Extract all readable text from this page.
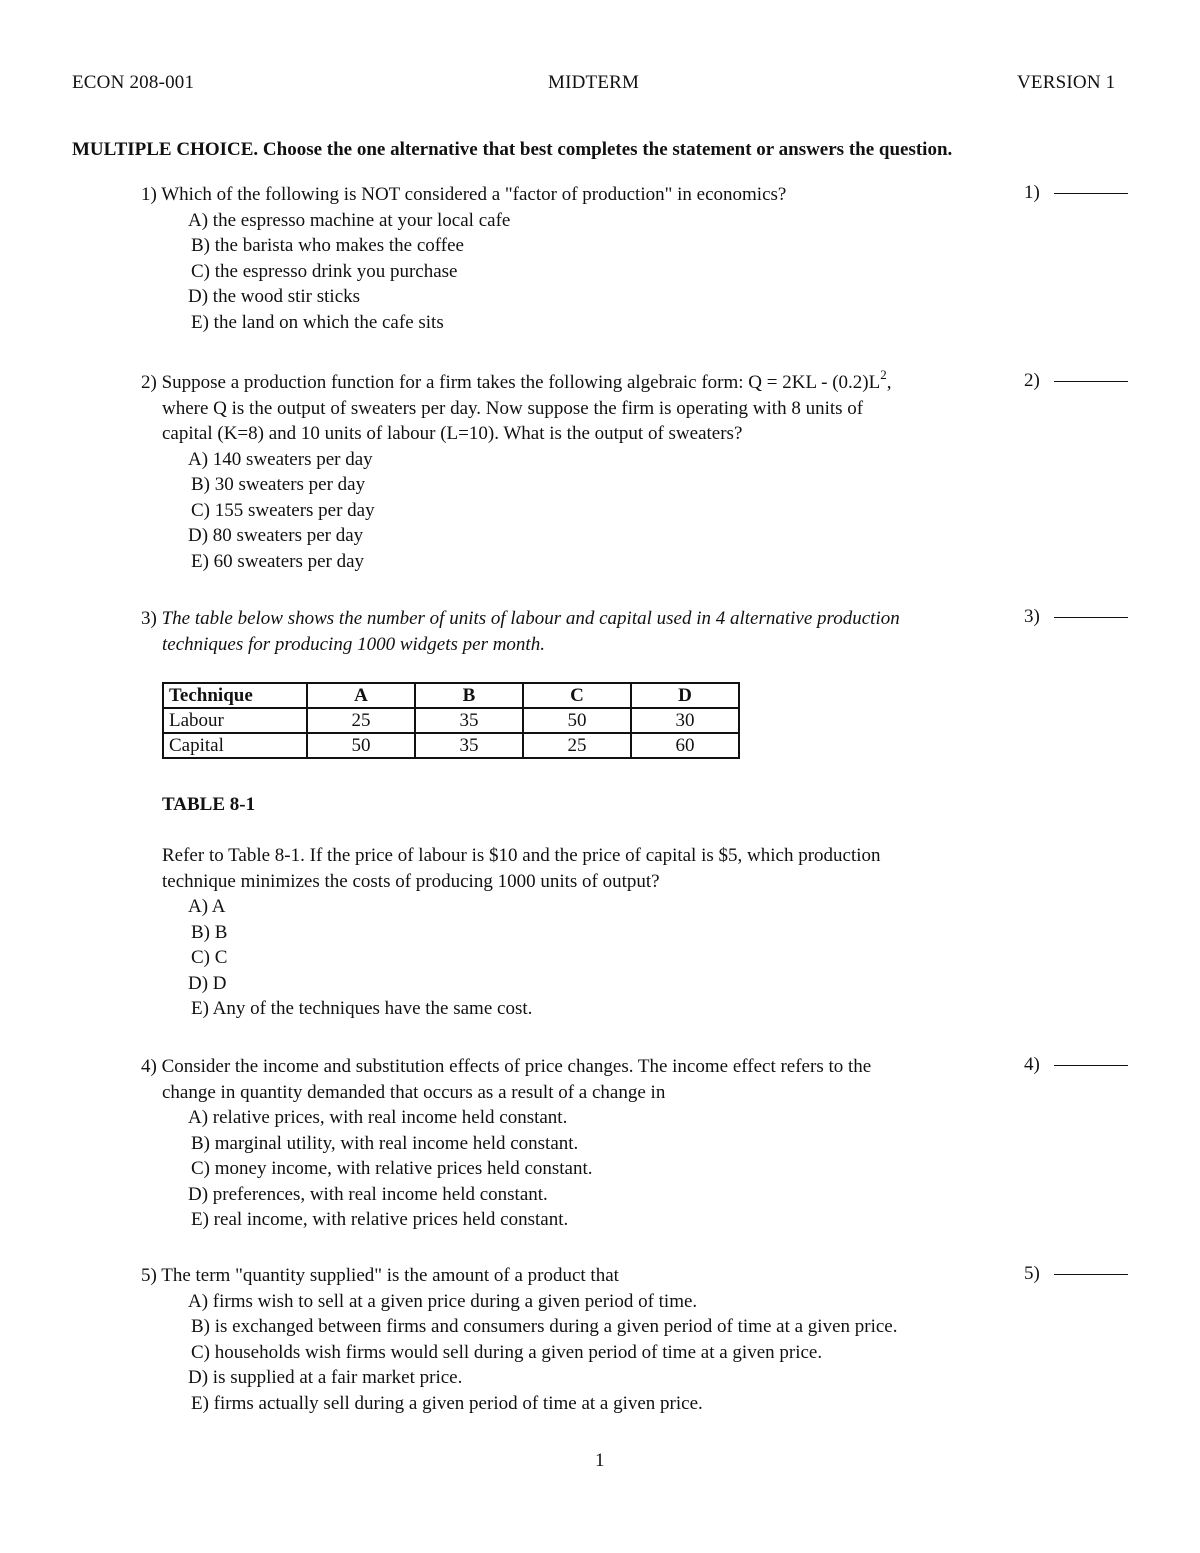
ECON 208-001	MIDTERM	VERSION 1
MULTIPLE CHOICE. Choose the one alternative that best completes the statement or answers the question.
1) Which of the following is NOT considered a "factor of production" in economics?
A) the espresso machine at your local cafe
B) the barista who makes the coffee
C) the espresso drink you purchase
D) the wood stir sticks
E) the land on which the cafe sits
1)
2) Suppose a production function for a firm takes the following algebraic form: $Q = 2KL - (0.2)L^2$,
where Q is the output of sweaters per day. Now suppose the firm is operating with 8 units of
capital (K=8) and 10 units of labour (L=10). What is the output of sweaters?
A) 140 sweaters per day
B) 30 sweaters per day
C) 155 sweaters per day
D) 80 sweaters per day
E) 60 sweaters per day
2)
3) The table below shows the number of units of labour and capital used in 4 alternative production
techniques for producing 1000 widgets per month.
3)
Technique	A	B	C	D
Labour	25	35	50	30
Capital	50	35	25	60
TABLE 8-1
Refer to Table 8-1. If the price of labour is $10 and the price of capital is $5, which production
technique minimizes the costs of producing 1000 units of output?
A) A
B) B
C) C
D) D
E) Any of the techniques have the same cost.
4) Consider the income and substitution effects of price changes. The income effect refers to the
change in quantity demanded that occurs as a result of a change in
A) relative prices, with real income held constant.
B) marginal utility, with real income held constant.
C) money income, with relative prices held constant.
D) preferences, with real income held constant.
E) real income, with relative prices held constant.
4)
5) The term "quantity supplied" is the amount of a product that
A) firms wish to sell at a given price during a given period of time.
B) is exchanged between firms and consumers during a given period of time at a given price.
C) households wish firms would sell during a given period of time at a given price.
D) is supplied at a fair market price.
E) firms actually sell during a given period of time at a given price.
5)
1
